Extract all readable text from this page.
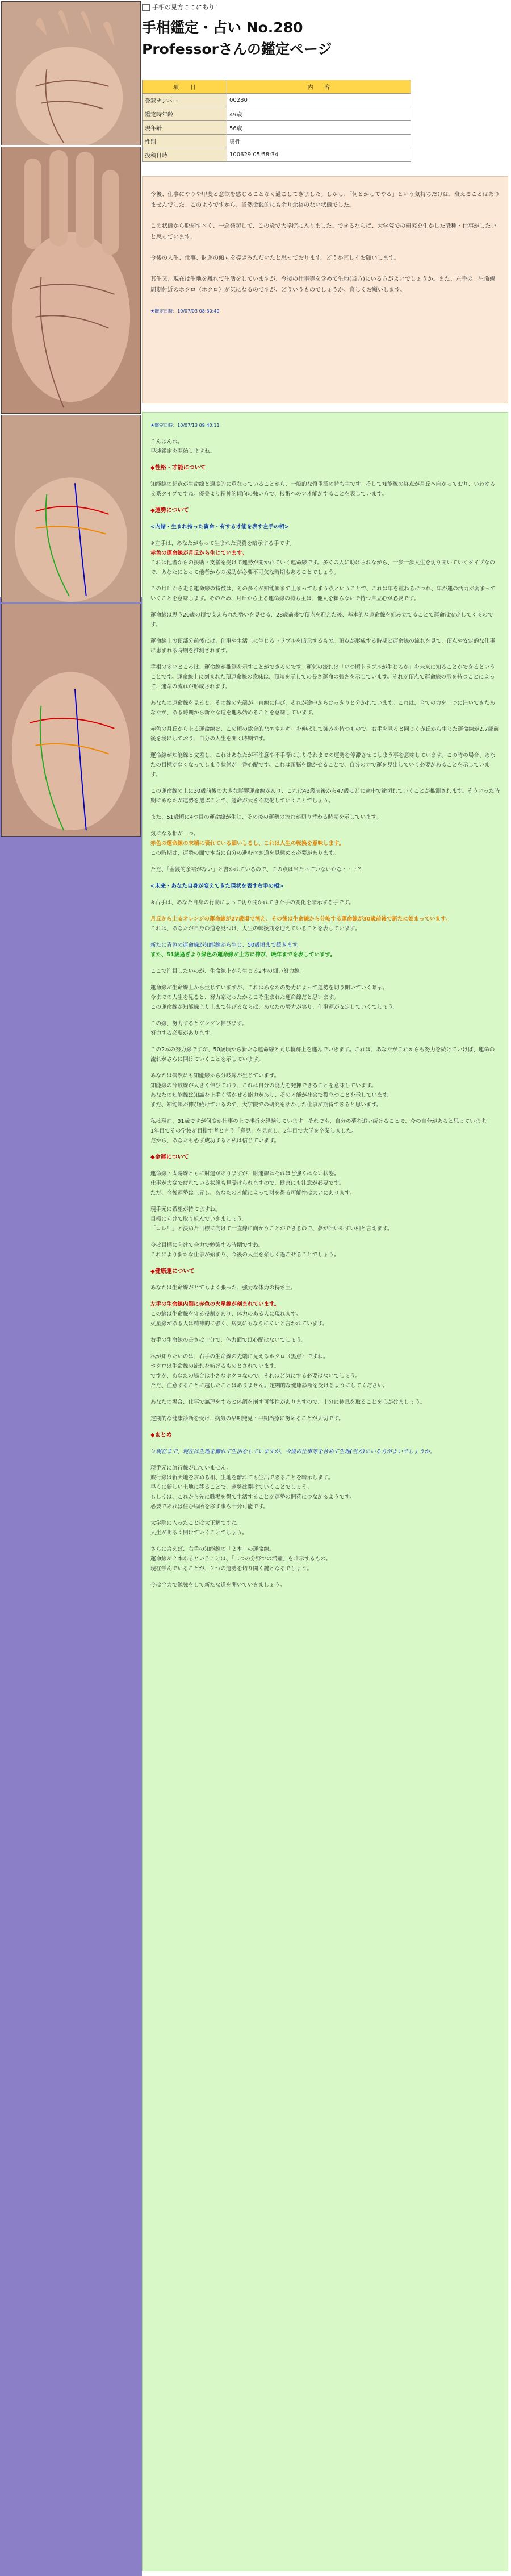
手相の見方ここにあり！
手相鑑定・占い No.280
Professorさんの鑑定ページ
項　　目	内　　容
登録ナンバー	00280
鑑定時年齢	49歳
現年齢	56歳
性別	男性
投稿日時	100629 05:58:34

今後、仕事にやりや甲斐と意欲を感じることなく過ごしてきました。しかし、「何とかしてやる」という気持ちだけは、衰えることはありませんでした。このようですから、当然金銭的にも余り余裕のない状態でした。

この状態から脱却すべく、一念発起して、この歳で大学院に入りました。できるならば、大学院での研究を生かした職種・仕事がしたいと思っています。

今後の人生、仕事、財運の傾向を導きみただいたと思っております。どうか宜しくお願いします。

其生又、現在は生地を離れて生活をしていますが、今後の仕事等を含めて生地(当方)にいる方がよいでしょうか。また、左手の、生命線周期付近のホクロ（ホクロ）が気になるのですが、どういうものでしょうか。宜しくお願いします。

★鑑定日時：10/07/03 08:30:40

★鑑定日時：10/07/13 09:40:11

こんばんわ。
早速鑑定を開始しますね。

◆性格・才能について

知能線の起点が生命線と適度的に重なっていることから、一般的な慎重派の持ち主です。そして知能線の終点が月丘へ向かっており、いわゆる文系タイプですね。優美より精神的傾向の強い方で、技術へのア才能がすることを表しています。

◆運勢について

<内緒・生まれ持った資命・有する才能を表す左手の相>

※左手は、あなたがもって生まれた資質を暗示する手です。
赤色の運命線が月丘から生じています。
これは他者からの援助・支援を受けて運勢が開かれていく運命線です。多くの人に助けられながら、一歩一歩人生を切り開いていくタイプなので、あなたにとって他者からの援助が必要不可欠な時期もあることでしょう。

この月丘から走る運命線の特徴は、その多くが知能線まで止まってしまう点ということで、これは年を重ねるにつれ、年が運の活力が弱まっていくことを意味します。そのため、月丘から上る運命線の持ち主は、他人を頼らないで持つ自立心が必要です。

運命線は思う20歳の頃で支えられた勢いを見せる、28歳前後で頂点を迎えた後、基本的な運命線を組み立てることで運命は安定してくるのです。

運命線上の頂部分前後には、仕事や生活上に生じるトラブルを暗示するもの。頂点が形成する時期と運命線の流れを見て、頂点や安定的な仕事に恵まれる時期を推測されます。

手相の多いところは、運命線が推測を示すことができるのです。運気の流れは「いつ頃トラブルが生じるか」を未来に知ることができるということです。運命線上に刻まれた頂運命線の意味は、頂端を示しての長さ運命の強さを示しています。それが頂点で運命線の形を持つことによって、運命の流れが形成されます。

あなたの運命線を見ると、その線の先端が一直線に伸び、それが途中からはっきりと分かれています。これは、全ての力を一つに注いできたあなたが、ある時期から新たな道を進み始めることを意味しています。

赤色の月丘から上る運命線は、この頃の総合的なエネルギーを伸ばして強みを持つもので、右手を見ると同じく赤丘から生じた運命線が2.7歳前後を境にしており、自分の人生を開く時期です。

運命線が知能線と交差し、これはあなたが不注意や不手際によりそれまでの運勢を停滞させてしまう事を意味しています。この時の場合、あなたの目標がなくなってしまう状態が一番心配です。これは頭脳を働かせることで、自分の力で運を見出していく必要があることを示しています。

この運命線の上に30歳前後の大きな影響運命線があり、これは43歳前後から47歳ほどに途中で途切れていくことが推測されます。そういった時期にあなたが運勢を選ぶことで、運命が大きく変化していくことでしょう。

また、51歳頃に4つ目の運命線が生じ、その後の運勢の流れが切り替わる時期を示しています。

気になる相が一つ。
赤色の運命線の末端に表れている細いしるし、これは人生の転換を意味します。
この時期は、運勢の面で本当に自分の進むべき道を見極める必要があります。

ただ、「金銭的余裕がない」と書かれているので、この点は当たっていないかな・・・？

<未来・あなた自身が変えてきた現状を表す右手の相>

※右手は、あなた自身の行動によって切り開かれてきた手の変化を暗示する手です。

月丘から上るオレンジの運命線が27歳頃で消え、その後は生命線から分岐する運命線が30歳前後で新たに始まっています。
これは、あなたが自身の道を見つけ、人生の転換期を迎えていることを表しています。

新たに青色の運命線が知能線から生じ、50歳頃まで続きます。
また、51歳過ぎより緑色の運命線が上方に伸び、晩年までを表しています。

ここで注目したいのが、生命線上から生じる2本の細い努力線。

運命線が生命線上から生じていますが、これはあなたの努力によって運勢を切り開いていく暗示。
今までの人生を見ると、努力家だったからこそ生まれた運命線だと思います。
この運命線が知能線より上まで伸びるならば、あなたの努力が実り、仕事運が安定していくでしょう。

この線、努力するとグングン伸びます。
努力する必要があります。

この2本の努力線ですが、50歳頃から新たな運命線と同じ軌跡上を進んでいきます。これは、あなたがこれからも努力を続けていけば、運命の流れがさらに開けていくことを示しています。

あなたは偶然にも知能線から分岐線が生じています。
知能線の分岐線が大きく伸びており、これは自分の能力を発揮できることを意味しています。
あなたの知能線は知識を上手く活かせる能力があり、その才能が社会で役立つことを示しています。
まだ、知能線が伸び続けているので、大学院での研究を活かした仕事が期待できると思います。

私は現在、31歳ですが何度か仕事の上で挫折を経験しています。それでも、自分の夢を追い続けることで、今の自分があると思っています。
1年目でその学校が目指す者と言う「意見」を見直し、2年目で大学を卒業しました。
だから、あなたも必ず成功すると私は信じています。

◆金運について

運命線・太陽線ともに財運がありますが、財運線はそれほど強くはない状態。
仕事が大変で疲れている状態も見受けられますので、健康にも注意が必要です。
ただ、今後運勢は上昇し、あなたの才能によって財を得る可能性は大いにあります。

現手元に希望が持てますね。
目標に向けて取り組んでいきましょう。
「コレ！」と決めた目標に向けて一直線に向かうことができるので、夢が叶いやすい相と言えます。

今は目標に向けて全力で勉強する時期ですね。
これにより新たな仕事が始まり、今後の人生を楽しく過ごせることでしょう。

◆健康運について

あなたは生命線がとてもよく張った、強力な体力の持ち主。

左手の生命線内側に赤色の火星線が刻まれています。
この線は生命線を守る役割があり、体力のある人に現れます。
火星線がある人は精神的に強く、病気にもなりにくいと言われています。

右手の生命線の長さは十分で、体力面では心配はないでしょう。

私が知りたいのは、右手の生命線の先端に見えるホクロ（黒点）ですね。
ホクロは生命線の流れを妨げるものとされています。
ですが、あなたの場合は小さなホクロなので、それほど気にする必要はないでしょう。
ただ、注意することに越したことはありません。定期的な健康診断を受けるようにしてください。

あなたの場合、仕事で無理をすると体調を崩す可能性がありますので、十分に休息を取ることを心がけましょう。

定期的な健康診断を受け、病気の早期発見・早期治療に努めることが大切です。

◆まとめ

＞現在まで、現在は生地を離れて生活をしていますが、今後の仕事等を含めて生地(当方)にいる方がよいでしょうか。

現手元に旅行線が出ていません。
旅行線は新天地を求める相、生地を離れても生活できることを暗示します。
早くに新しい土地に移ることで、運勢は開けていくことでしょう。
もしくは、これから先に職場を得て生活することが運勢の開花につながるようです。
必要であれば住む場所を移す事も十分可能です。

大学院に入ったことは大正解ですね。
人生が明るく開けていくことでしょう。

さらに言えば、右手の知能線の「２本」の運命線。
運命線が２本あるということは、「二つの分野での活躍」を暗示するもの。
現在学んでいることが、２つの運勢を切り開く鍵となるでしょう。

今は全力で勉強をして新たな道を開いていきましょう。
